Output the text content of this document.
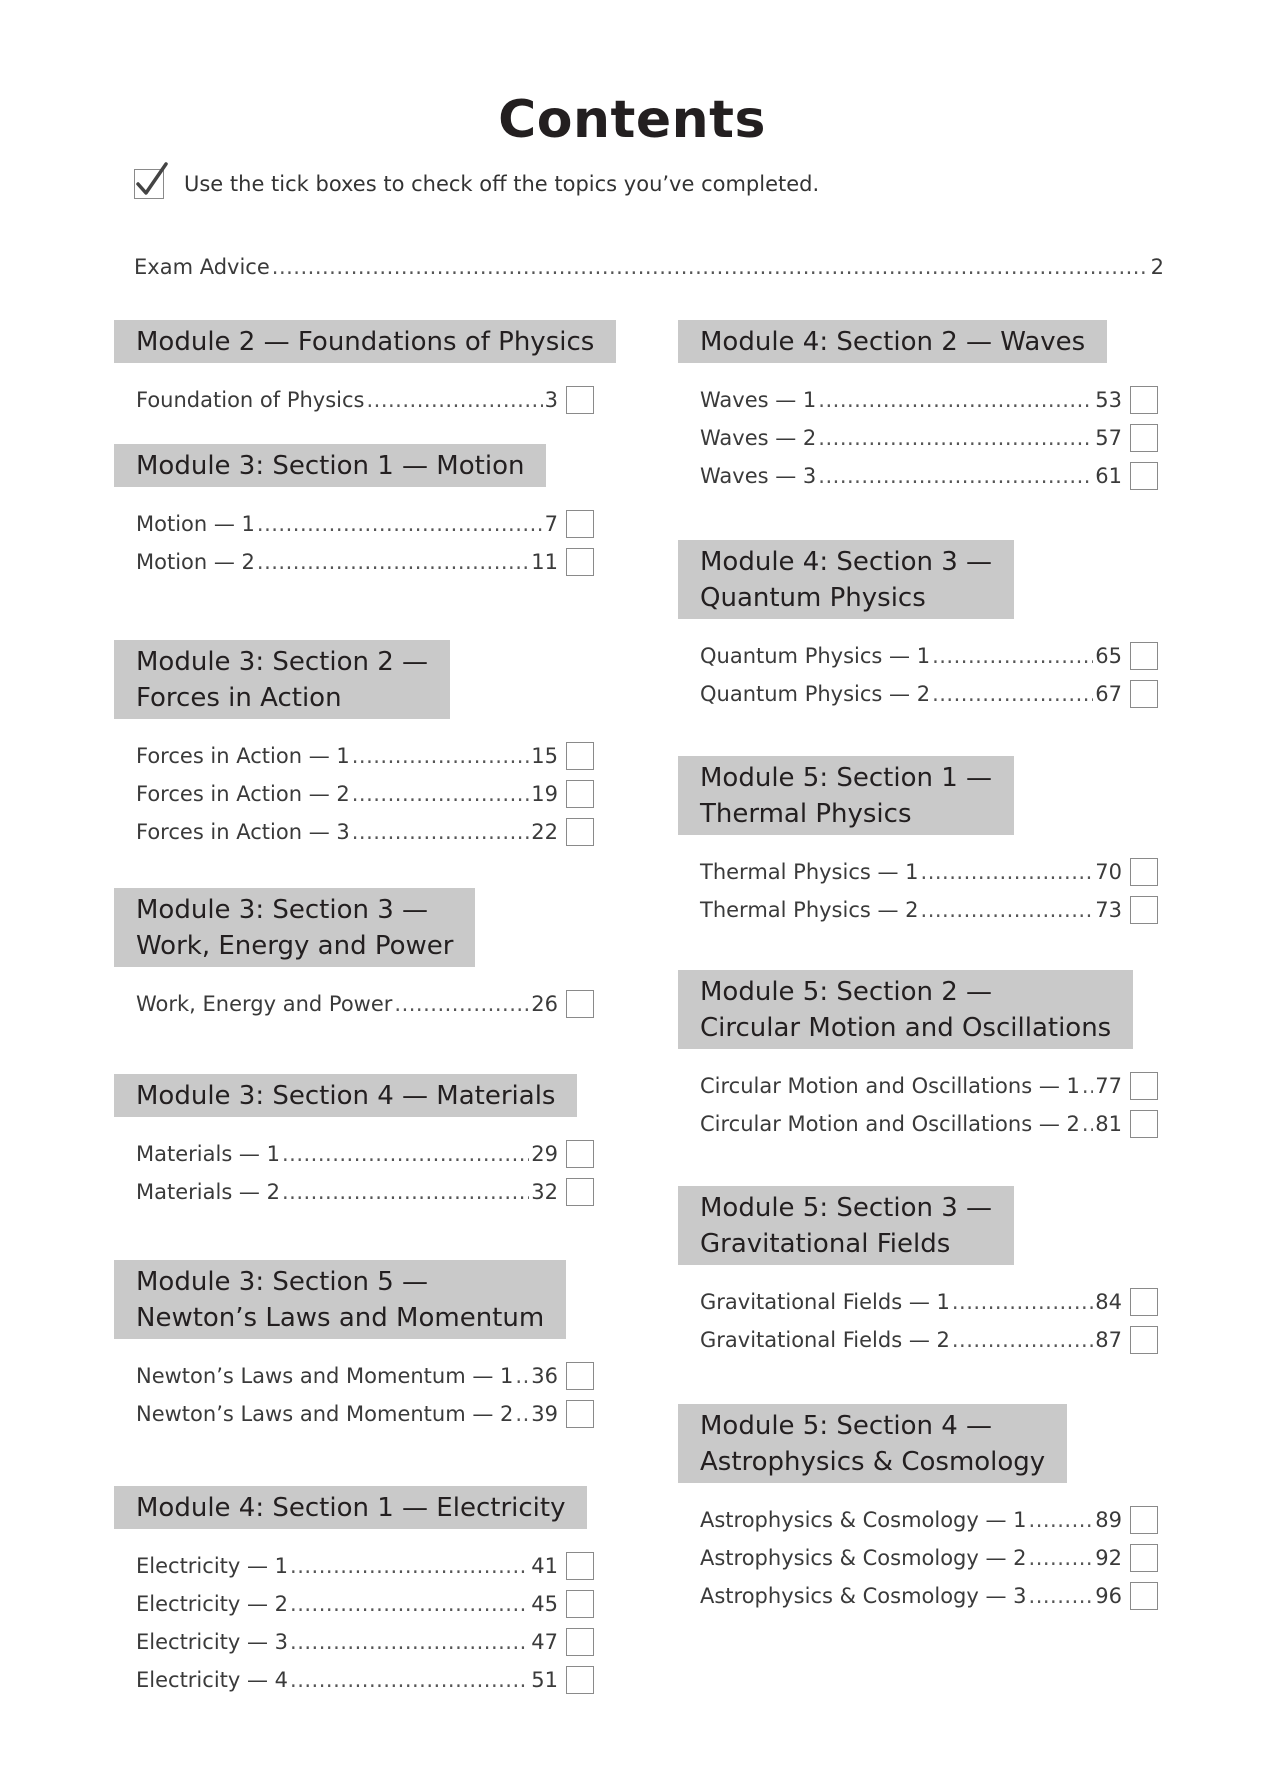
Contents
Use the tick boxes to check off the topics you’ve completed.
Exam Advice .....	2
Module 2 — Foundations of Physics
Foundation of Physics .....	3
Module 3: Section 1 — Motion
Motion — 1 .....	7
Motion — 2 .....	11
Module 3: Section 2 —
Forces in Action
Forces in Action — 1 .....	15
Forces in Action — 2 .....	19
Forces in Action — 3 .....	22
Module 3: Section 3 —
Work, Energy and Power
Work, Energy and Power .....	26
Module 3: Section 4 — Materials
Materials — 1 .....	29
Materials — 2 .....	32
Module 3: Section 5 —
Newton’s Laws and Momentum
Newton’s Laws and Momentum — 1 ..... 36
Newton’s Laws and Momentum — 2 ..... 39
Module 4: Section 1 — Electricity
Electricity — 1 .....	41
Electricity — 2 .....	45
Electricity — 3 .....	47
Electricity — 4 .....	51
Module 4: Section 2 — Waves
Waves — 1 .....	53
Waves — 2 .....	57
Waves — 3 .....	61
Module 4: Section 3 —
Quantum Physics
Quantum Physics — 1 .....	65
Quantum Physics — 2 .....	67
Module 5: Section 1 —
Thermal Physics
Thermal Physics — 1 .....	70
Thermal Physics — 2 .....	73
Module 5: Section 2 —
Circular Motion and Oscillations
Circular Motion and Oscillations — 1 ..... 77
Circular Motion and Oscillations — 2 ..... 81
Module 5: Section 3 —
Gravitational Fields
Gravitational Fields — 1 .....	84
Gravitational Fields — 2 .....	87
Module 5: Section 4 —
Astrophysics & Cosmology
Astrophysics & Cosmology — 1 .....	89
Astrophysics & Cosmology — 2 .....	92
Astrophysics & Cosmology — 3 .....	96
